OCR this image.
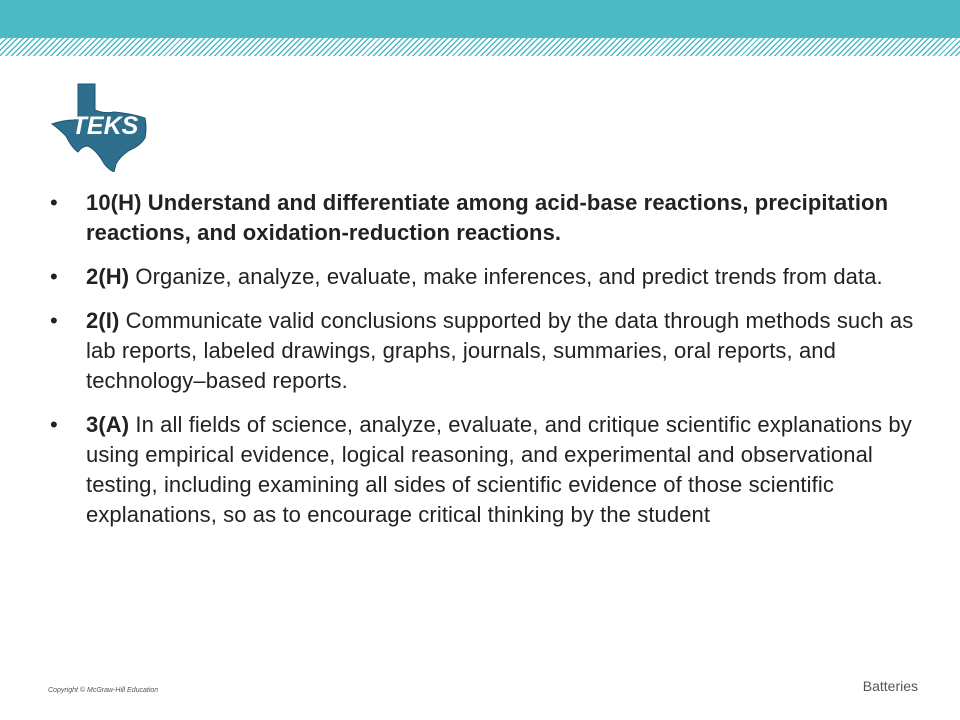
TEKS
•	10(H) Understand and differentiate among acid-base reactions, precipitation reactions, and oxidation-reduction reactions.
•	2(H) Organize, analyze, evaluate, make inferences, and predict trends from data.
•	2(I) Communicate valid conclusions supported by the data through methods such as lab reports, labeled drawings, graphs, journals, summaries, oral reports, and technology–based reports.
•	3(A) In all fields of science, analyze, evaluate, and critique scientific explanations by using empirical evidence, logical reasoning, and experimental and observational testing, including examining all sides of scientific evidence of those scientific explanations, so as to encourage critical thinking by the student
Copyright © McGraw-Hill Education	Batteries
